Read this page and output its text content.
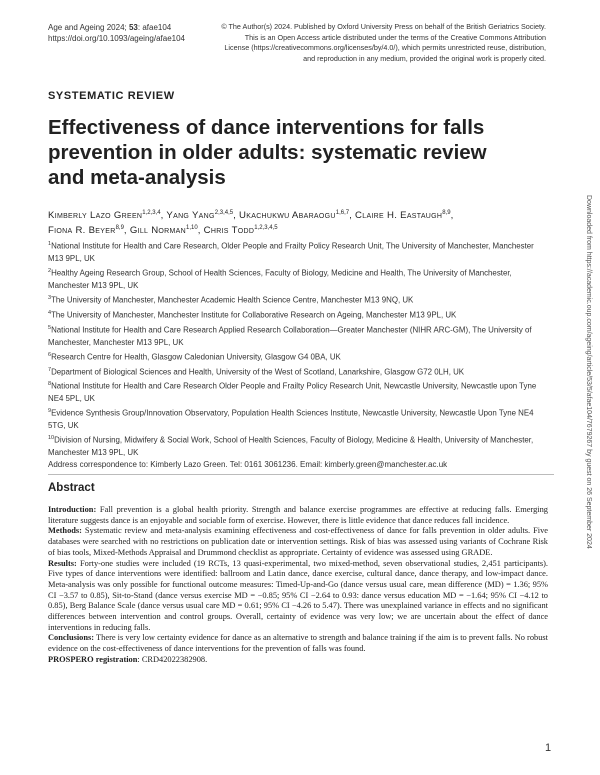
Age and Ageing 2024; 53: afae104
https://doi.org/10.1093/ageing/afae104
© The Author(s) 2024. Published by Oxford University Press on behalf of the British Geriatrics Society.
This is an Open Access article distributed under the terms of the Creative Commons Attribution
License (https://creativecommons.org/licenses/by/4.0/), which permits unrestricted reuse, distribution,
and reproduction in any medium, provided the original work is properly cited.
SYSTEMATIC REVIEW
Effectiveness of dance interventions for falls prevention in older adults: systematic review and meta-analysis
Kimberly Lazo Green$^{1,2,3,4}$, Yang Yang$^{2,3,4,5}$, Ukachukwu Abaraogu$^{1,6,7}$, Claire H. Eastaugh$^{8,9}$,
Fiona R. Beyer$^{8,9}$, Gill Norman$^{1,10}$, Chris Todd$^{1,2,3,4,5}$
$^1$National Institute for Health and Care Research, Older People and Frailty Policy Research Unit, The University of Manchester, Manchester M13 9PL, UK
$^2$Healthy Ageing Research Group, School of Health Sciences, Faculty of Biology, Medicine and Health, The University of Manchester, Manchester M13 9PL, UK
$^3$The University of Manchester, Manchester Academic Health Science Centre, Manchester M13 9NQ, UK
$^4$The University of Manchester, Manchester Institute for Collaborative Research on Ageing, Manchester M13 9PL, UK
$^5$National Institute for Health and Care Research Applied Research Collaboration—Greater Manchester (NIHR ARC-GM), The University of Manchester, Manchester M13 9PL, UK
$^6$Research Centre for Health, Glasgow Caledonian University, Glasgow G4 0BA, UK
$^7$Department of Biological Sciences and Health, University of the West of Scotland, Lanarkshire, Glasgow G72 0LH, UK
$^8$National Institute for Health and Care Research Older People and Frailty Policy Research Unit, Newcastle University, Newcastle upon Tyne NE4 5PL, UK
$^9$Evidence Synthesis Group/Innovation Observatory, Population Health Sciences Institute, Newcastle University, Newcastle Upon Tyne NE4 5TG, UK
$^{10}$Division of Nursing, Midwifery & Social Work, School of Health Sciences, Faculty of Biology, Medicine & Health, University of Manchester, Manchester M13 9PL, UK
Address correspondence to: Kimberly Lazo Green. Tel: 0161 3061236. Email: kimberly.green@manchester.ac.uk
Abstract

Introduction: Fall prevention is a global health priority. Strength and balance exercise programmes are effective at reducing falls. Emerging literature suggests dance is an enjoyable and sociable form of exercise. However, there is little evidence that dance reduces fall incidence.

Methods: Systematic review and meta-analysis examining effectiveness and cost-effectiveness of dance for falls prevention in older adults. Five databases were searched with no restrictions on publication date or intervention settings. Risk of bias was assessed using variants of Cochrane Risk of bias tools, Mixed-Methods Appraisal and Drummond checklist as appropriate. Certainty of evidence was assessed using GRADE.

Results: Forty-one studies were included (19 RCTs, 13 quasi-experimental, two mixed-method, seven observational studies, 2,451 participants). Five types of dance interventions were identified: ballroom and Latin dance, dance exercise, cultural dance, dance therapy, and low-impact dance. Meta-analysis was only possible for functional outcome measures: Timed-Up-and-Go (dance versus usual care, mean difference (MD) = 1.36; 95% CI −3.57 to 0.85), Sit-to-Stand (dance versus exercise MD = −0.85; 95% CI −2.64 to 0.93: dance versus education MD = −1.64; 95% CI −4.12 to 0.85), Berg Balance Scale (dance versus usual care MD = 0.61; 95% CI −4.26 to 5.47). There was unexplained variance in effects and no significant differences between intervention and control groups. Overall, certainty of evidence was very low; we are uncertain about the effect of dance interventions in reducing falls.

Conclusions: There is very low certainty evidence for dance as an alternative to strength and balance training if the aim is to prevent falls. No robust evidence on the cost-effectiveness of dance interventions for the prevention of falls was found.

PROSPERO registration: CRD42022382908.

Downloaded from https://academic.oup.com/ageing/article/53/5/afae104/7679267 by guest on 26 September 2024
1
